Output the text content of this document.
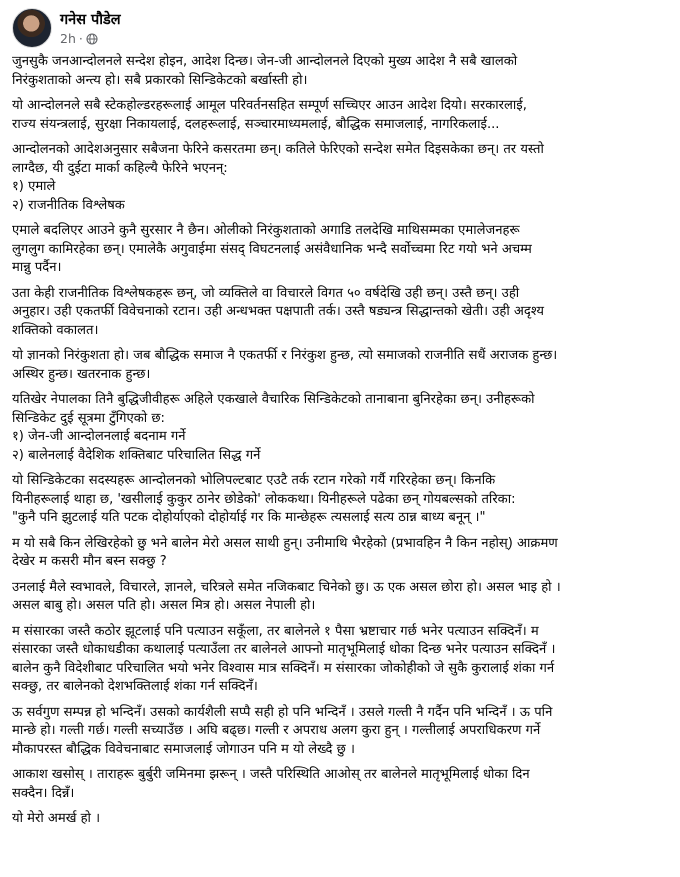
गनेस पौडेल
2h ·

जुनसुकै जनआन्दोलनले सन्देश होइन, आदेश दिन्छ। जेन-जी आन्दोलनले दिएको मुख्य आदेश नै सबै खालको
निरंकुशताको अन्त्य हो। सबै प्रकारको सिन्डिकेटको बर्खास्ती हो।

यो आन्दोलनले सबै स्टेकहोल्डरहरूलाई आमूल परिवर्तनसहित सम्पूर्ण सच्चिएर आउन आदेश दियो। सरकारलाई,
राज्य संयन्त्रलाई, सुरक्षा निकायलाई, दलहरूलाई, सञ्चारमाध्यमलाई, बौद्धिक समाजलाई, नागरिकलाई...

आन्दोलनको आदेशअनुसार सबैजना फेरिने कसरतमा छन्। कतिले फेरिएको सन्देश समेत दिइसकेका छन्। तर यस्तो
लाग्दैछ, यी दुईटा मार्का कहिल्यै फेरिने भएनन्:
१) एमाले
२) राजनीतिक विश्लेषक

एमाले बदलिएर आउने कुनै सुरसार नै छैन। ओलीको निरंकुशताको अगाडि तलदेखि माथिसम्मका एमालेजनहरू
लुगलुग कामिरहेका छन्। एमालेकै अगुवाईमा संसद् विघटनलाई असंवैधानिक भन्दै सर्वोच्चमा रिट गयो भने अचम्म
मान्नु पर्दैन।

उता केही राजनीतिक विश्लेषकहरू छन्, जो व्यक्तिले वा विचारले विगत ५० वर्षदेखि उही छन्। उस्तै छन्। उही
अनुहार। उही एकतर्फी विवेचनाको रटान। उही अन्धभक्त पक्षपाती तर्क। उस्तै षड्यन्त्र सिद्धान्तको खेती। उही अदृश्य
शक्तिको वकालत।

यो ज्ञानको निरंकुशता हो। जब बौद्धिक समाज नै एकतर्फी र निरंकुश हुन्छ, त्यो समाजको राजनीति सधैं अराजक हुन्छ।
अस्थिर हुन्छ। खतरनाक हुन्छ।

यतिखेर नेपालका तिनै बुद्धिजीवीहरू अहिले एकखाले वैचारिक सिन्डिकेटको तानाबाना बुनिरहेका छन्। उनीहरूको
सिन्डिकेट दुई सूत्रमा टुँगिएको छ:
१) जेन-जी आन्दोलनलाई बदनाम गर्ने
२) बालेनलाई वैदेशिक शक्तिबाट परिचालित सिद्ध गर्ने

यो सिन्डिकेटका सदस्यहरू आन्दोलनको भोलिपल्टबाट एउटै तर्क रटान गरेको गर्यै गरिरहेका छन्। किनकि
यिनीहरूलाई थाहा छ, 'खसीलाई कुकुर ठानेर छोडेको' लोककथा। यिनीहरूले पढेका छन् गोयबल्सको तरिका:
"कुनै पनि झुटलाई यति पटक दोहोर्याएको दोहोर्याई गर कि मान्छेहरू त्यसलाई सत्य ठान्न बाध्य बनून् ।"

म यो सबै किन लेखिरहेको छु भने बालेन मेरो असल साथी हुन्। उनीमाथि भैरहेको (प्रभावहिन नै किन नहोस्) आक्रमण
देखेर म कसरी मौन बस्न सक्छु ?

उनलाई मैले स्वभावले, विचारले, ज्ञानले, चरित्रले समेत नजिकबाट चिनेको छु। ऊ एक असल छोरा हो। असल भाइ हो ।
असल बाबु हो। असल पति हो। असल मित्र हो। असल नेपाली हो।

म संसारका जस्तै कठोर झूटलाई पनि पत्याउन सकूँला, तर बालेनले १ पैसा भ्रष्टाचार गर्छ भनेर पत्याउन सक्दिनँ। म
संसारका जस्तै धोकाधडीका कथालाई पत्याउँला तर बालेनले आफ्नो मातृभूमिलाई धोका दिन्छ भनेर पत्याउन सक्दिनँ ।
बालेन कुनै विदेशीबाट परिचालित भयो भनेर विश्वास मात्र सक्दिनँ। म संसारका जोकोहीको जे सुकै कुरालाई शंका गर्न
सक्छु, तर बालेनको देशभक्तिलाई शंका गर्न सक्दिनँ।

ऊ सर्वगुण सम्पन्न हो भन्दिनँ। उसको कार्यशैली सप्पै सही हो पनि भन्दिनँ । उसले गल्ती नै गर्दैन पनि भन्दिनँ । ऊ पनि
मान्छे हो। गल्ती गर्छ। गल्ती सच्याउँछ । अघि बढ्छ। गल्ती र अपराध अलग कुरा हुन् । गल्तीलाई अपराधिकरण गर्ने
मौकापरस्त बौद्धिक विवेचनाबाट समाजलाई जोगाउन पनि म यो लेख्दै छु ।

आकाश खसोस् । ताराहरू बुर्बुरी जमिनमा झरून् । जस्तै परिस्थिति आओस् तर बालेनले मातृभूमिलाई धोका दिन
सक्दैन। दिन्नँ।

यो मेरो अमर्ख हो ।
